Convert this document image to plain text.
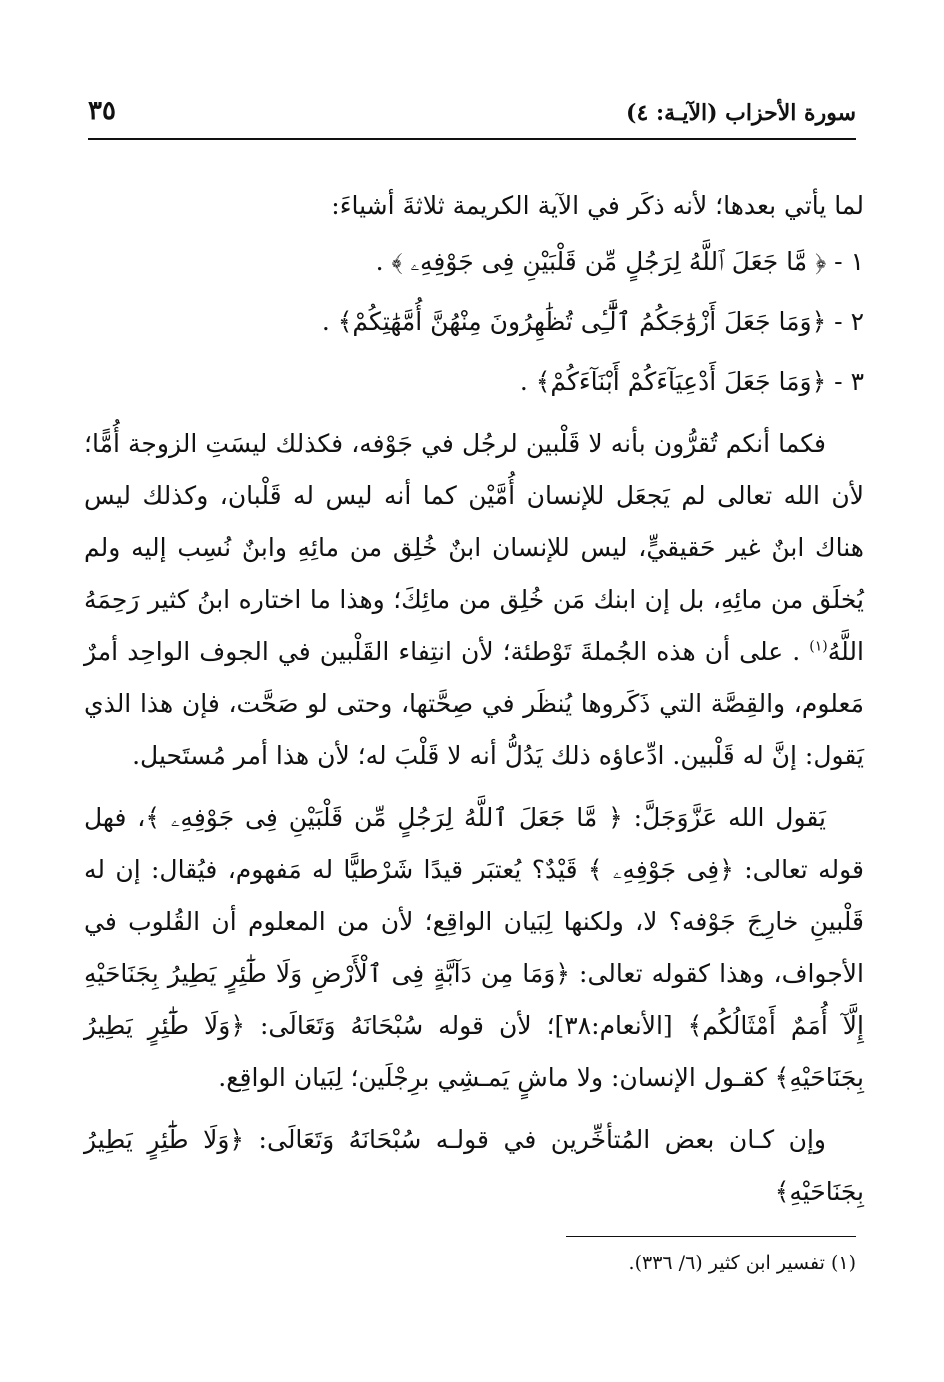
سورة الأحزاب (الآيـة: ٤)
٣٥

لما يأتي بعدها؛ لأنه ذكَر في الآية الكريمة ثلاثةَ أشياءَ:

١ - ﴿ مَّا جَعَلَ ٱللَّهُ لِرَجُلٍ مِّن قَلْبَيْنِ فِى جَوْفِهِۦ ﴾ .

٢ - ﴿وَمَا جَعَلَ أَزْوَٰجَكُمُ ٱلَّٰٓـِٔى تُظَٰهِرُونَ مِنْهُنَّ أُمَّهَٰتِكُمْ﴾ .

٣ - ﴿وَمَا جَعَلَ أَدْعِيَآءَكُمْ أَبْنَآءَكُمْ﴾ .

فكما أنكم تُقرُّون بأنه لا قَلْبين لرجُل في جَوْفه، فكذلك ليسَتِ الزوجة أُمًّا؛ لأن الله تعالى لم يَجعَل للإنسان أُمَّيْن كما أنه ليس له قَلْبان، وكذلك ليس هناك ابنٌ غير حَقيقيٍّ، ليس للإنسان ابنٌ خُلِق من مائِهِ وابنٌ نُسِب إليه ولم يُخلَق من مائِهِ، بل إن ابنك مَن خُلِق من مائِكَ؛ وهذا ما اختاره ابنُ كثير رَحِمَهُ اللَّهُ$^{(١)}$ . على أن هذه الجُملةَ تَوْطئة؛ لأن انتِفاء القَلْبين في الجوف الواحِد أمرٌ مَعلوم، والقِصَّة التي ذَكَروها يُنظَر في صِحَّتها، وحتى لو صَحَّت، فإن هذا الذي يَقول: إنَّ له قَلْبين. ادِّعاؤه ذلك يَدُلُّ أنه لا قَلْبَ له؛ لأن هذا أمر مُستَحيل.

يَقول الله عَزَّوَجَلَّ: ﴿ مَّا جَعَلَ ٱللَّهُ لِرَجُلٍ مِّن قَلْبَيْنِ فِى جَوْفِهِۦ ﴾، فهل قوله تعالى: ﴿فِى جَوْفِهِۦ ﴾ قَيْدٌ؟ يُعتبَر قيدًا شَرْطيًّا له مَفهوم، فيُقال: إن له قَلْبينِ خارِجَ جَوْفه؟ لا، ولكنها لِبَيان الواقِع؛ لأن من المعلوم أن القُلوب في الأجواف، وهذا كقوله تعالى: ﴿وَمَا مِن دَآبَّةٍ فِى ٱلْأَرْضِ وَلَا طَٰٓئِرٍ يَطِيرُ بِجَنَاحَيْهِ إِلَّآ أُمَمٌ أَمْثَالُكُم﴾ [الأنعام:٣٨]؛ لأن قوله سُبْحَانَهُ وَتَعَالَى: ﴿وَلَا طَٰٓئِرٍ يَطِيرُ بِجَنَاحَيْهِ﴾ كقـول الإنسان: ولا ماشٍ يَمـشِي برِجْلَين؛ لِبَيان الواقِع.

وإن كـان بعض المُتأخِّرين في قولـه سُبْحَانَهُ وَتَعَالَى: ﴿وَلَا طَٰٓئِرٍ يَطِيرُ بِجَنَاحَيْهِ﴾

(١) تفسير ابن كثير (٦/ ٣٣٦).
